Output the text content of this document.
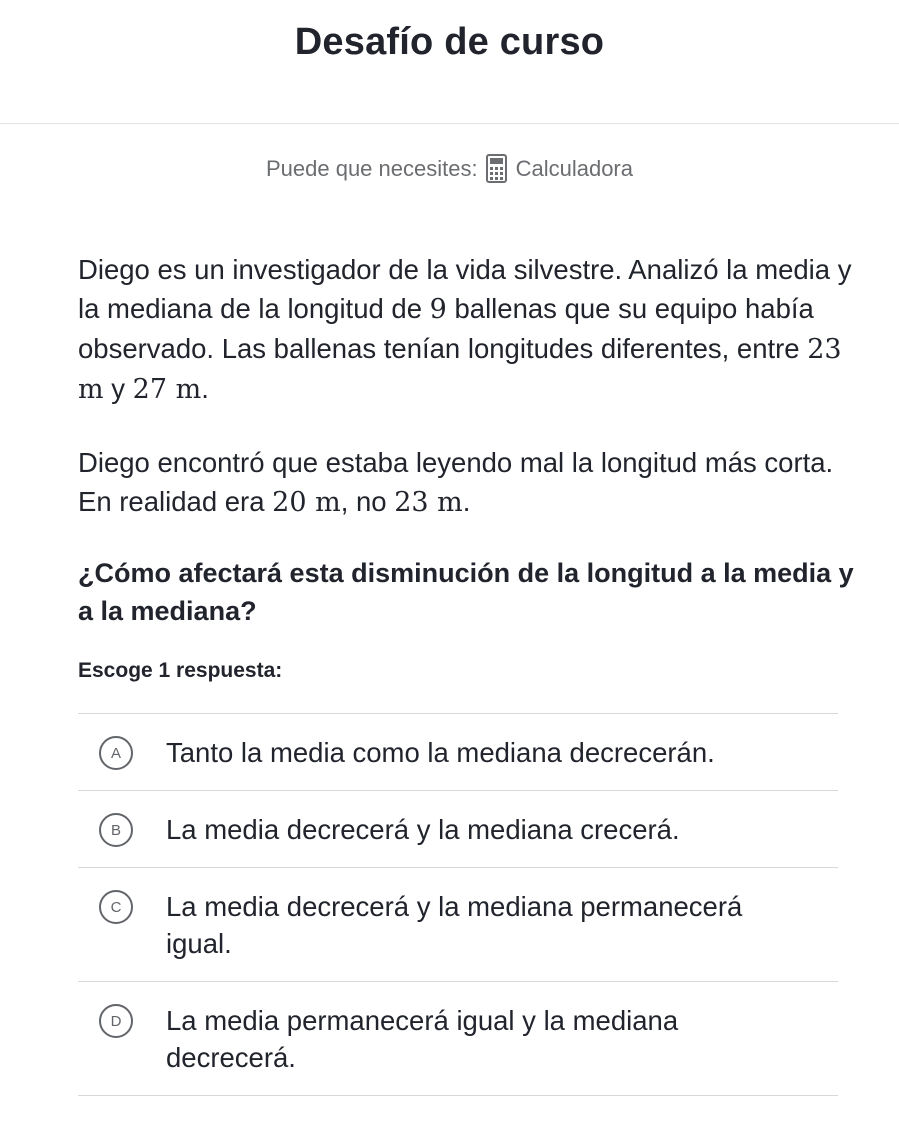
Desafío de curso
Puede que necesites: Calculadora

Diego es un investigador de la vida silvestre. Analizó la media y la mediana de la longitud de 9 ballenas que su equipo había observado. Las ballenas tenían longitudes diferentes, entre 23 m y 27 m.

Diego encontró que estaba leyendo mal la longitud más corta. En realidad era 20 m, no 23 m.

¿Cómo afectará esta disminución de la longitud a la media y a la mediana?

Escoge 1 respuesta:
A	Tanto la media como la mediana decrecerán.
B	La media decrecerá y la mediana crecerá.
C	La media decrecerá y la mediana permanecerá igual.
D	La media permanecerá igual y la mediana decrecerá.
